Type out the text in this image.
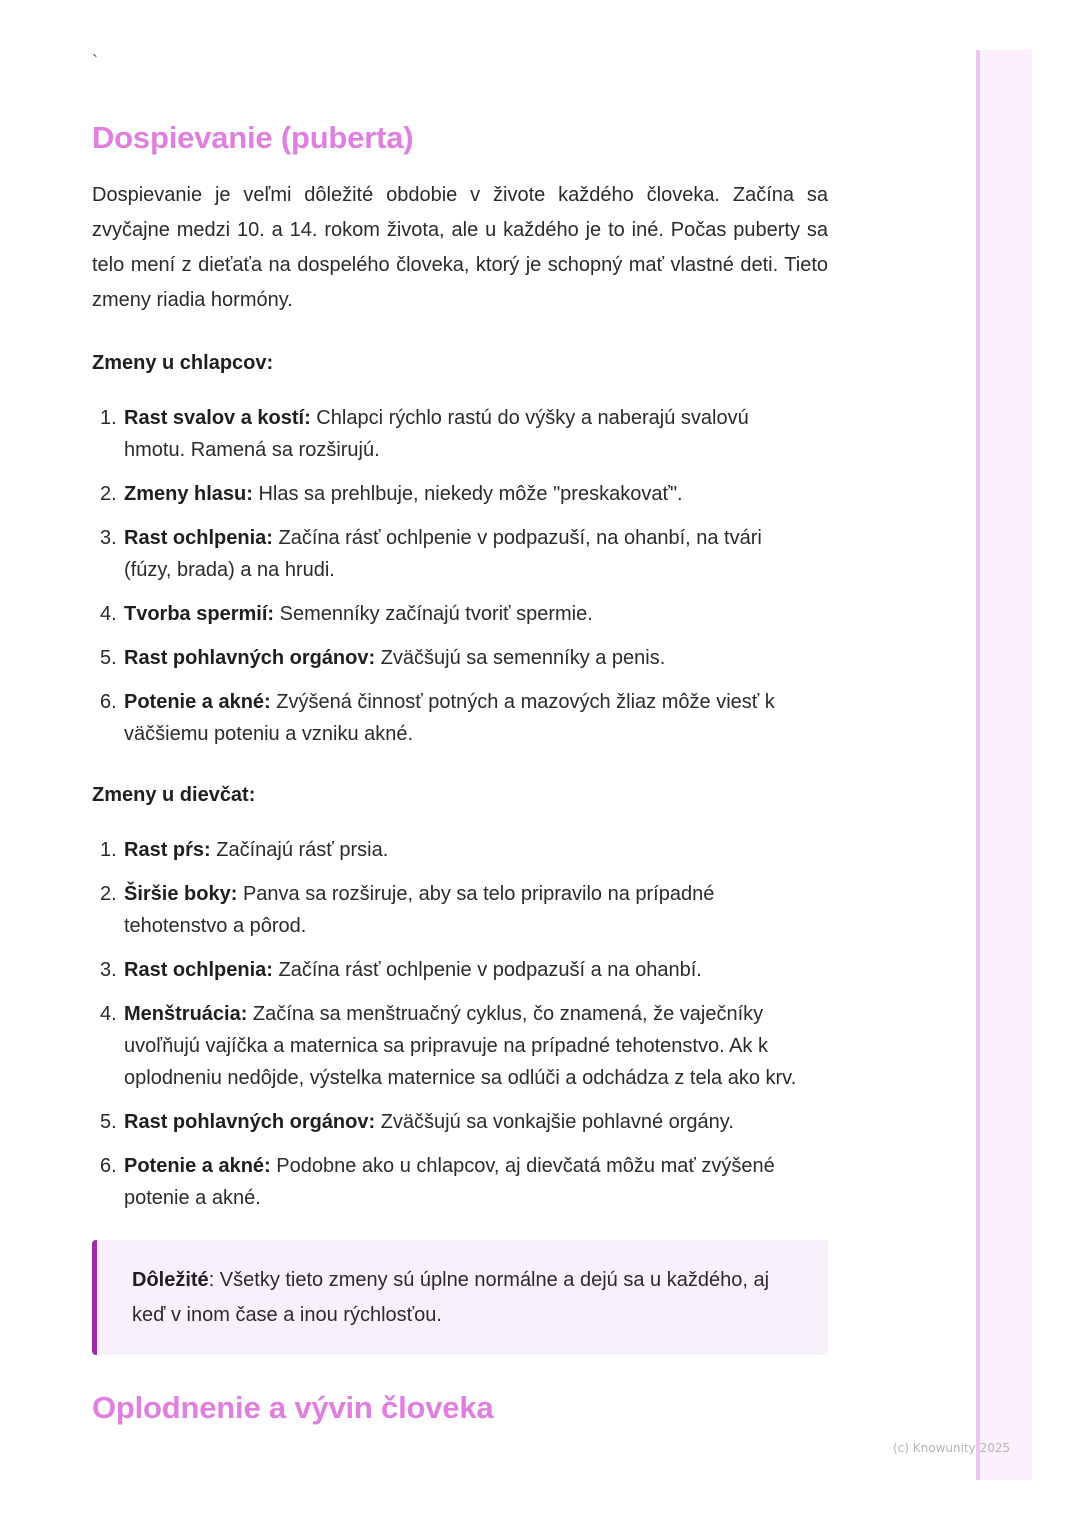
`
Dospievanie (puberta)

Dospievanie je veľmi dôležité obdobie v živote každého človeka. Začína sa zvyčajne medzi 10. a 14. rokom života, ale u každého je to iné. Počas puberty sa telo mení z dieťaťa na dospelého človeka, ktorý je schopný mať vlastné deti. Tieto zmeny riadia hormóny.

Zmeny u chlapcov:
1. Rast svalov a kostí: Chlapci rýchlo rastú do výšky a naberajú svalovú hmotu. Ramená sa rozširujú.
2. Zmeny hlasu: Hlas sa prehlbuje, niekedy môže "preskakovať".
3. Rast ochlpenia: Začína rásť ochlpenie v podpazuší, na ohanbí, na tvári (fúzy, brada) a na hrudi.
4. Tvorba spermií: Semenníky začínajú tvoriť spermie.
5. Rast pohlavných orgánov: Zväčšujú sa semenníky a penis.
6. Potenie a akné: Zvýšená činnosť potných a mazových žliaz môže viesť k väčšiemu poteniu a vzniku akné.
Zmeny u dievčat:
1. Rast pŕs: Začínajú rásť prsia.
2. Širšie boky: Panva sa rozširuje, aby sa telo pripravilo na prípadné tehotenstvo a pôrod.
3. Rast ochlpenia: Začína rásť ochlpenie v podpazuší a na ohanbí.
4. Menštruácia: Začína sa menštruačný cyklus, čo znamená, že vaječníky uvoľňujú vajíčka a maternica sa pripravuje na prípadné tehotenstvo. Ak k oplodneniu nedôjde, výstelka maternice sa odlúči a odchádza z tela ako krv.
5. Rast pohlavných orgánov: Zväčšujú sa vonkajšie pohlavné orgány.
6. Potenie a akné: Podobne ako u chlapcov, aj dievčatá môžu mať zvýšené potenie a akné.
Dôležité: Všetky tieto zmeny sú úplne normálne a dejú sa u každého, aj keď v inom čase a inou rýchlosťou.
Oplodnenie a vývin človeka
(c) Knowunity 2025
